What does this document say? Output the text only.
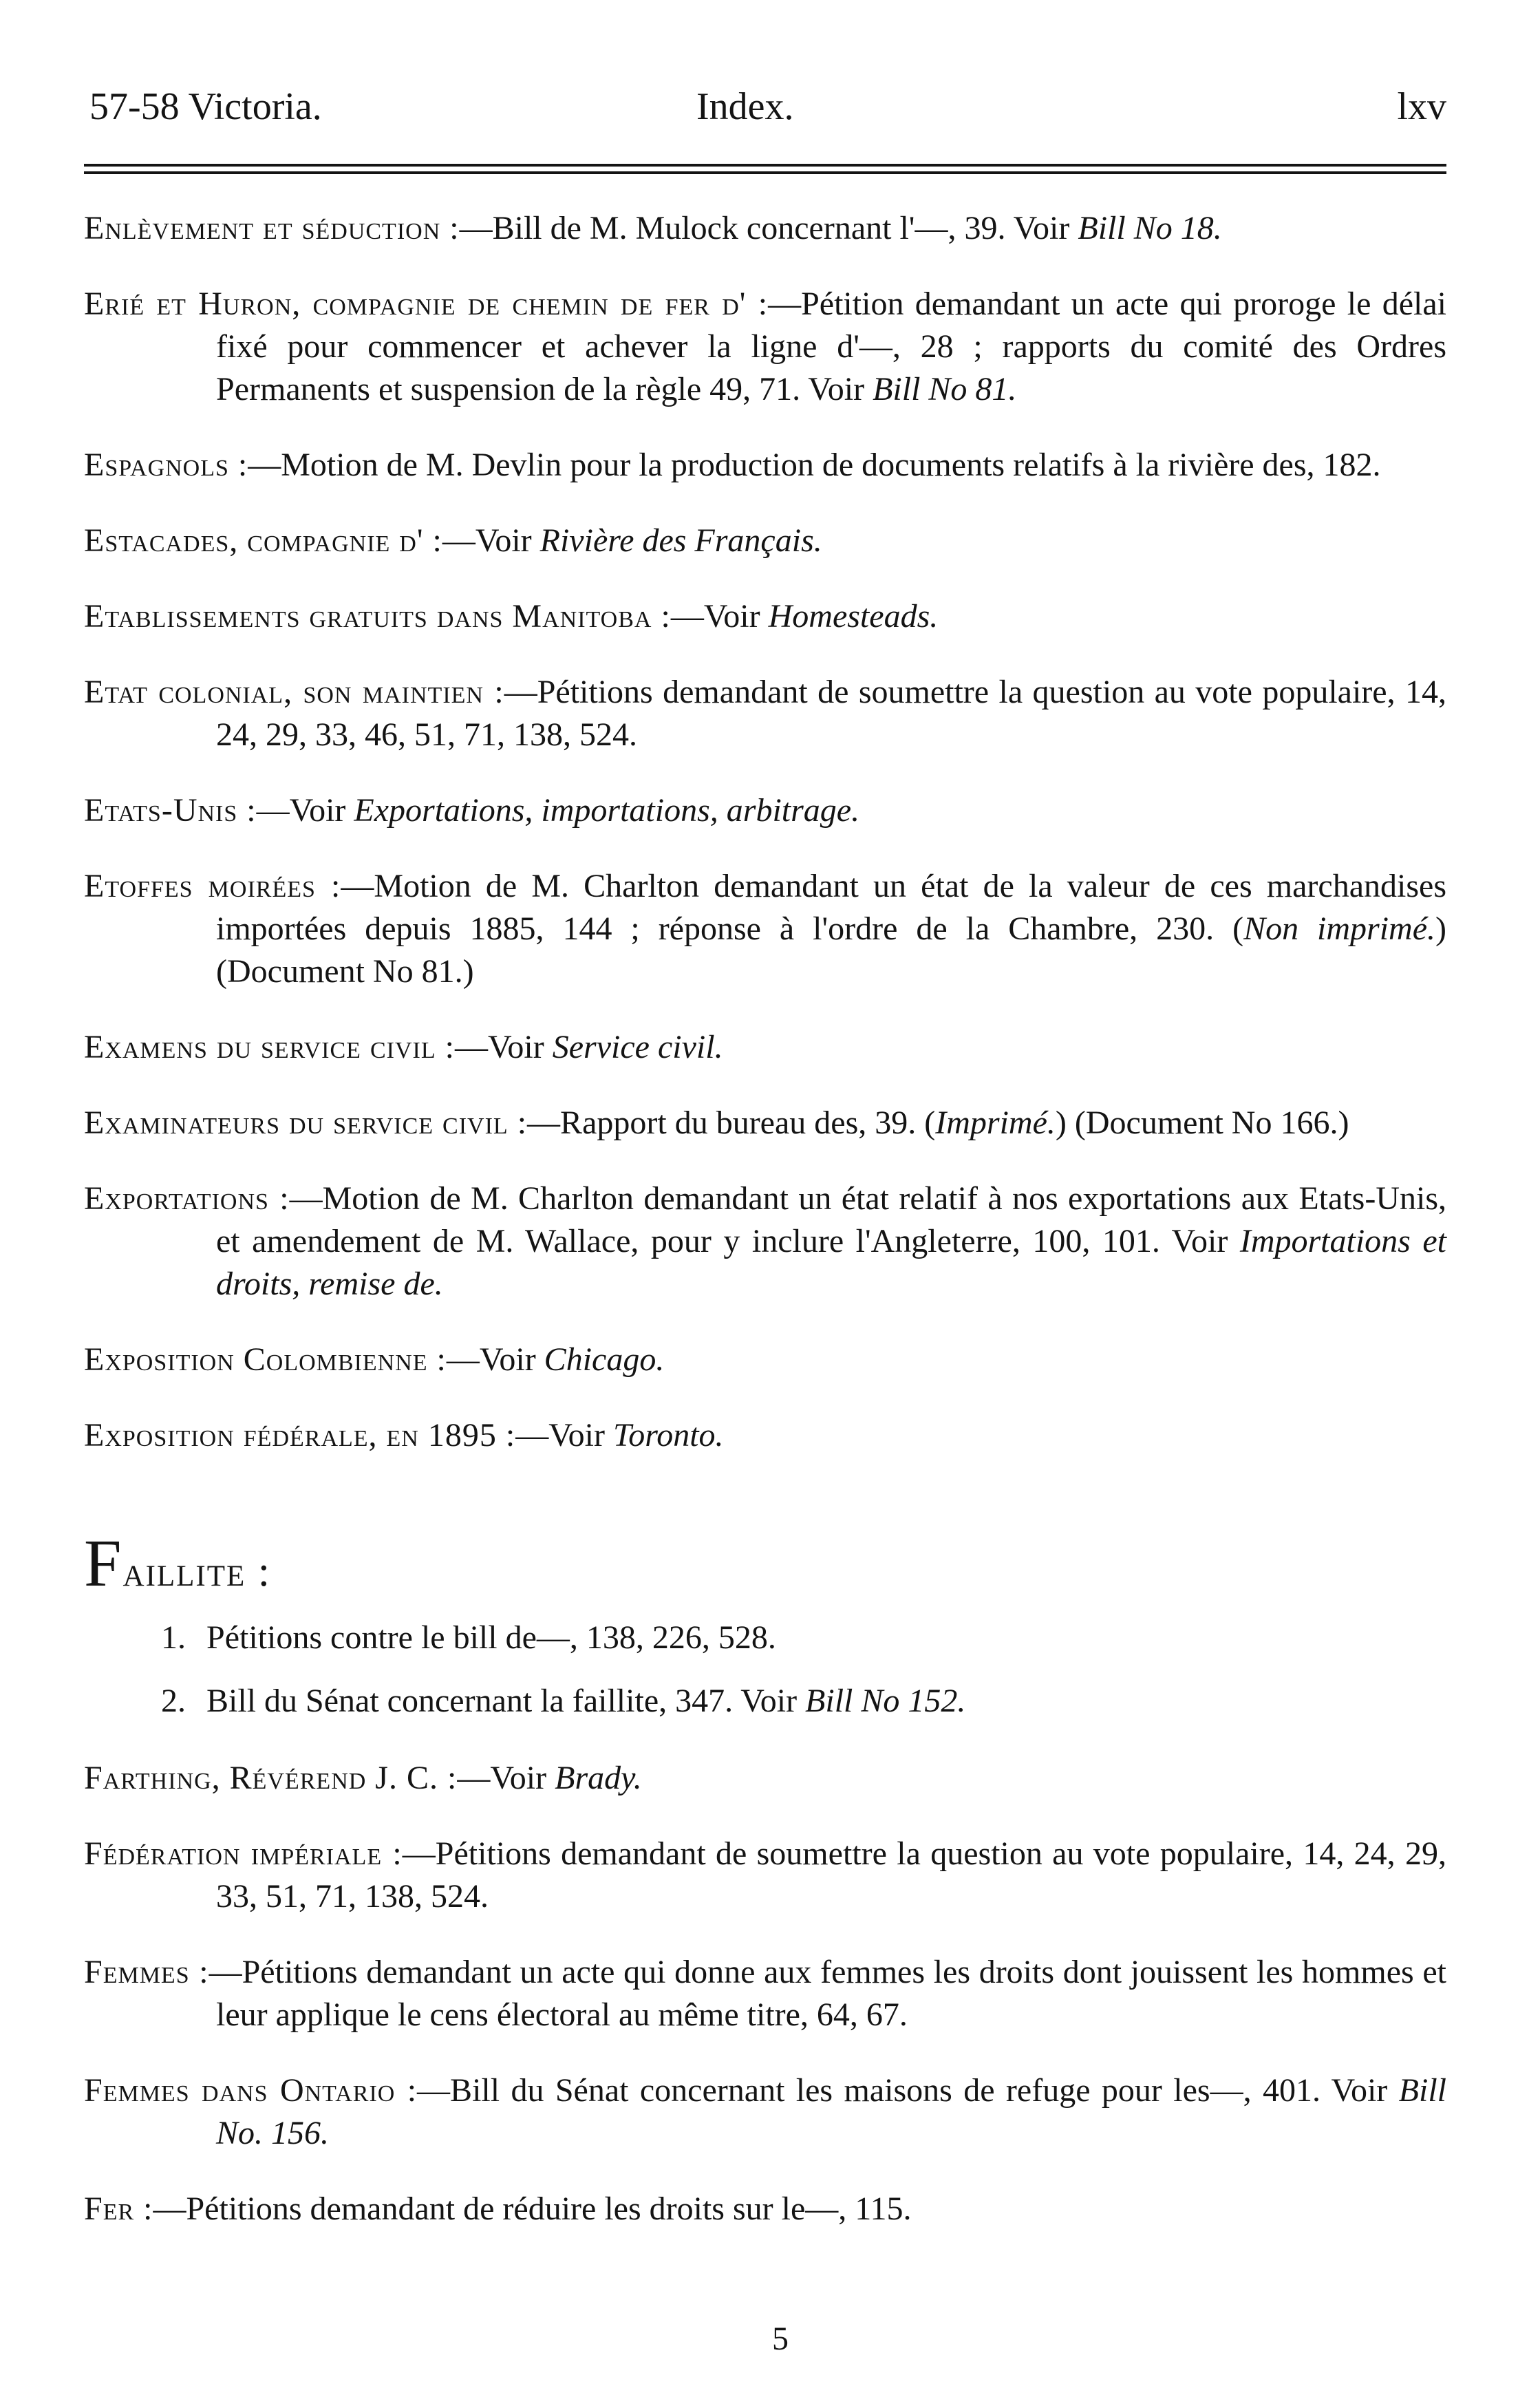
57-58 Victoria.	Index.	lxv

Enlèvement et séduction :—Bill de M. Mulock concernant l'—, 39. Voir Bill No 18.

Erié et Huron, compagnie de chemin de fer d' :—Pétition demandant un acte qui proroge le délai fixé pour commencer et achever la ligne d'—, 28 ; rapports du comité des Ordres Permanents et suspension de la règle 49, 71. Voir Bill No 81.

Espagnols :—Motion de M. Devlin pour la production de documents relatifs à la rivière des, 182.

Estacades, compagnie d' :—Voir Rivière des Français.

Etablissements gratuits dans Manitoba :—Voir Homesteads.

Etat colonial, son maintien :—Pétitions demandant de soumettre la question au vote populaire, 14, 24, 29, 33, 46, 51, 71, 138, 524.

Etats-Unis :—Voir Exportations, importations, arbitrage.

Etoffes moirées :—Motion de M. Charlton demandant un état de la valeur de ces marchandises importées depuis 1885, 144 ; réponse à l'ordre de la Chambre, 230. (Non imprimé.) (Document No 81.)

Examens du service civil :—Voir Service civil.

Examinateurs du service civil :—Rapport du bureau des, 39. (Imprimé.) (Document No 166.)

Exportations :—Motion de M. Charlton demandant un état relatif à nos exportations aux Etats-Unis, et amendement de M. Wallace, pour y inclure l'Angleterre, 100, 101. Voir Importations et droits, remise de.

Exposition Colombienne :—Voir Chicago.

Exposition fédérale, en 1895 :—Voir Toronto.

Faillite :
1. Pétitions contre le bill de—, 138, 226, 528.
2. Bill du Sénat concernant la faillite, 347. Voir Bill No 152.

Farthing, Révérend J. C. :—Voir Brady.

Fédération impériale :—Pétitions demandant de soumettre la question au vote populaire, 14, 24, 29, 33, 51, 71, 138, 524.

Femmes :—Pétitions demandant un acte qui donne aux femmes les droits dont jouissent les hommes et leur applique le cens électoral au même titre, 64, 67.

Femmes dans Ontario :—Bill du Sénat concernant les maisons de refuge pour les—, 401. Voir Bill No. 156.

Fer :—Pétitions demandant de réduire les droits sur le—, 115.

5
